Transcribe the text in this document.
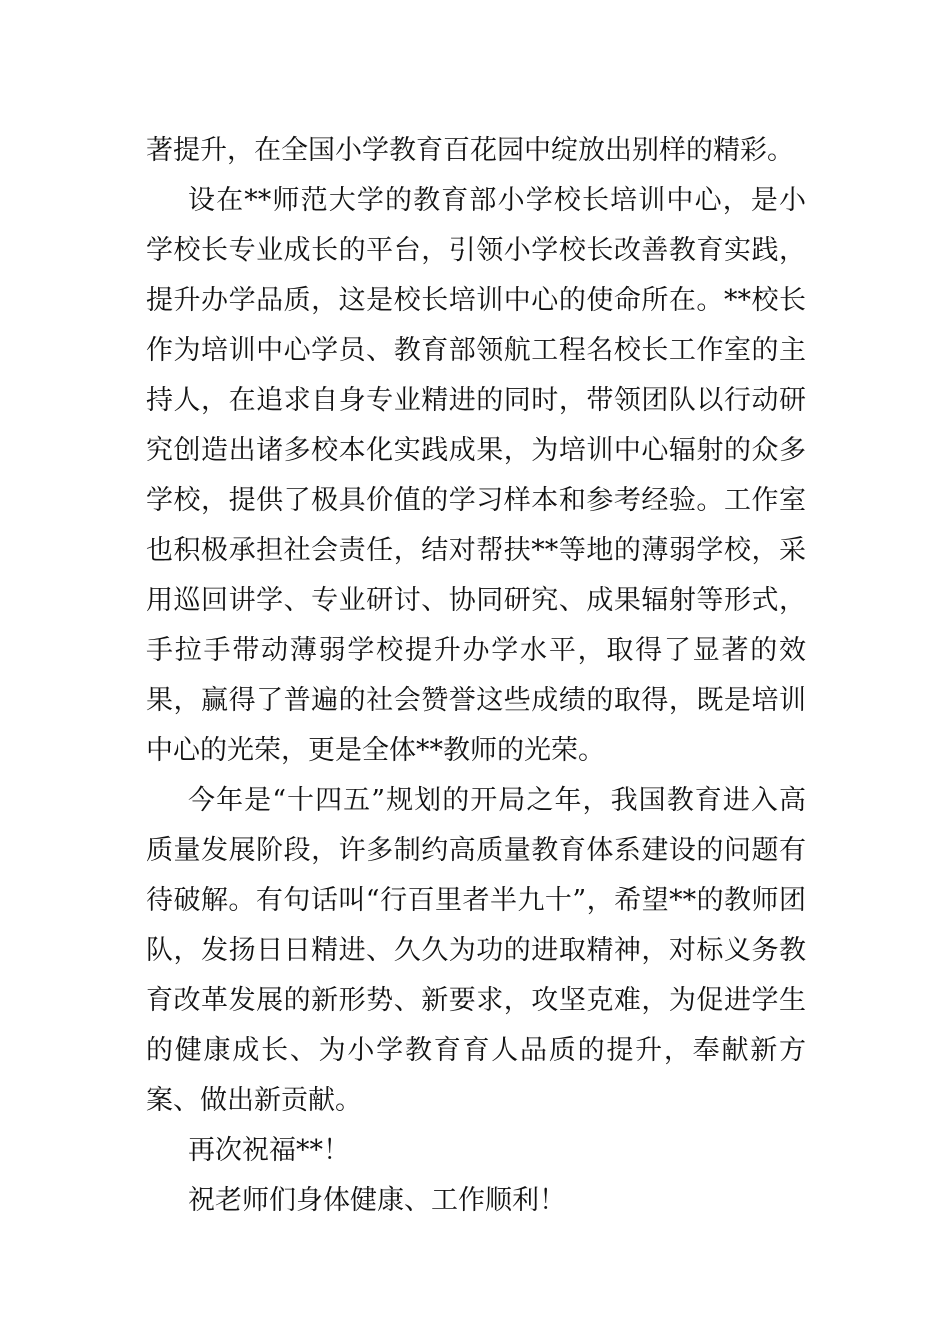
著提升，在全国小学教育百花园中绽放出别样的精彩。

设在**师范大学的教育部小学校长培训中心，是小学校长专业成长的平台，引领小学校长改善教育实践，提升办学品质，这是校长培训中心的使命所在。**校长作为培训中心学员、教育部领航工程名校长工作室的主持人，在追求自身专业精进的同时，带领团队以行动研究创造出诸多校本化实践成果，为培训中心辐射的众多学校，提供了极具价值的学习样本和参考经验。工作室也积极承担社会责任，结对帮扶**等地的薄弱学校，采用巡回讲学、专业研讨、协同研究、成果辐射等形式，手拉手带动薄弱学校提升办学水平，取得了显著的效果，赢得了普遍的社会赞誉这些成绩的取得，既是培训中心的光荣，更是全体**教师的光荣。

今年是“十四五”规划的开局之年，我国教育进入高质量发展阶段，许多制约高质量教育体系建设的问题有待破解。有句话叫“行百里者半九十”，希望**的教师团队，发扬日日精进、久久为功的进取精神，对标义务教育改革发展的新形势、新要求，攻坚克难，为促进学生的健康成长、为小学教育育人品质的提升，奉献新方案、做出新贡献。

再次祝福**！

祝老师们身体健康、工作顺利！
